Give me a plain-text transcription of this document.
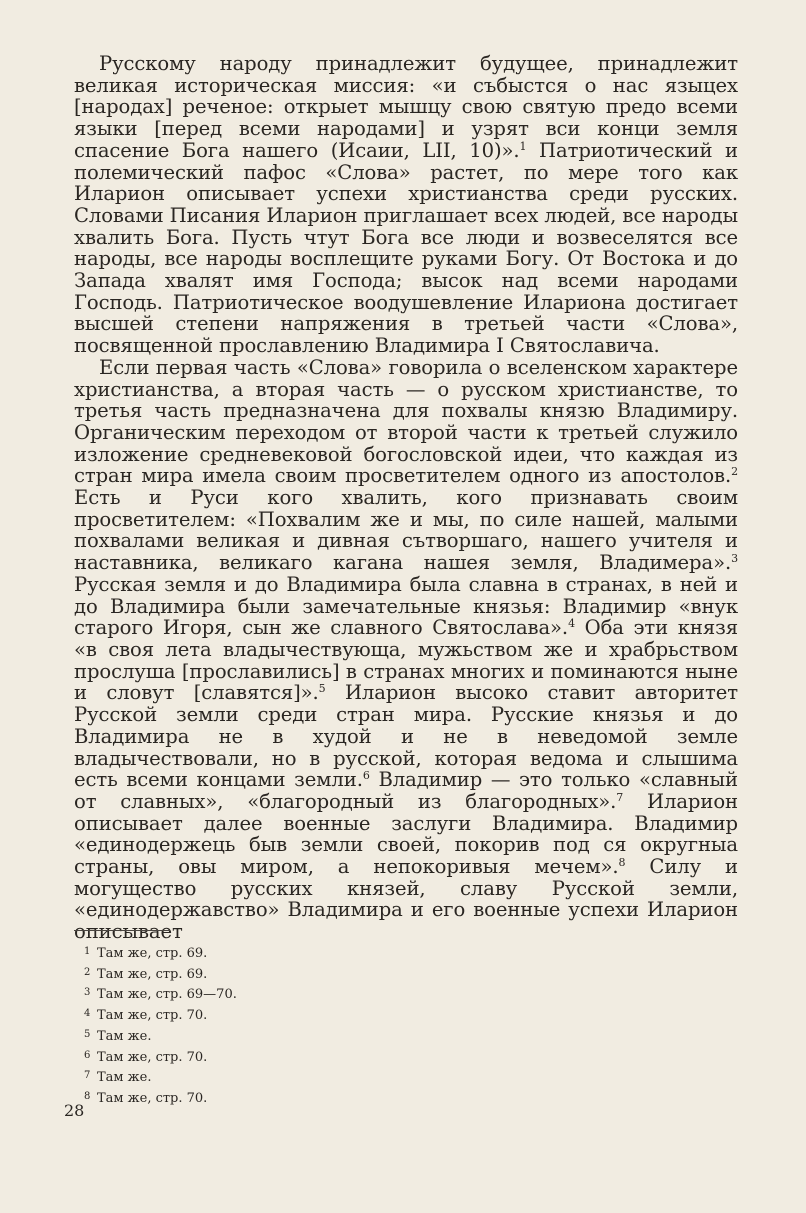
Русскому народу принадлежит будущее, принадлежит великая историческая миссия: «и събыстся о нас языцех [народах] реченое: открыет мышцу свою святую предо всеми языки [перед всеми народами] и узрят вси конци земля спасение Бога нашего (Исаии, LII, 10)».$^1$ Патриотический и полемический пафос «Слова» растет, по мере того как Иларион описывает успехи христианства среди русских. Словами Писания Иларион приглашает всех людей, все народы хвалить Бога. Пусть чтут Бога все люди и возвеселятся все народы, все народы восплещите руками Богу. От Востока и до Запада хвалят имя Господа; высок над всеми народами Господь. Патриотическое воодушевление Илариона достигает высшей степени напряжения в третьей части «Слова», посвященной прославлению Владимира I Святославича.

Если первая часть «Слова» говорила о вселенском характере христианства, а вторая часть — о русском христианстве, то третья часть предназначена для похвалы князю Владимиру. Органическим переходом от второй части к третьей служило изложение средневековой богословской идеи, что каждая из стран мира имела своим просветителем одного из апостолов.$^2$ Есть и Руси кого хвалить, кого признавать своим просветителем: «Похвалим же и мы, по силе нашей, малыми похвалами великая и дивная сътворшаго, нашего учителя и наставника, великаго кагана нашея земля, Владимера».$^3$ Русская земля и до Владимира была славна в странах, в ней и до Владимира были замечательные князья: Владимир «внук старого Игоря, сын же славного Святослава».$^4$ Оба эти князя «в своя лета владычествующа, мужьством же и храбрьством прослуша [прославились] в странах многих и поминаются ныне и словут [славятся]».$^5$ Иларион высоко ставит авторитет Русской земли среди стран мира. Русские князья и до Владимира не в худой и не в неведомой земле владычествовали, но в русской, которая ведома и слышима есть всеми концами земли.$^6$ Владимир — это только «славный от славных», «благородный из благородных».$^7$ Иларион описывает далее военные заслуги Владимира. Владимир «единодержець быв земли своей, покорив под ся округныа страны, овы миром, а непокоривыя мечем».$^8$ Силу и могущество русских князей, славу Русской земли, «единодержавство» Владимира и его военные успехи Иларион описывает

1 Там же, стр. 69.
2 Там же, стр. 69.
3 Там же, стр. 69—70.
4 Там же, стр. 70.
5 Там же.
6 Там же, стр. 70.
7 Там же.
8 Там же, стр. 70.
28
